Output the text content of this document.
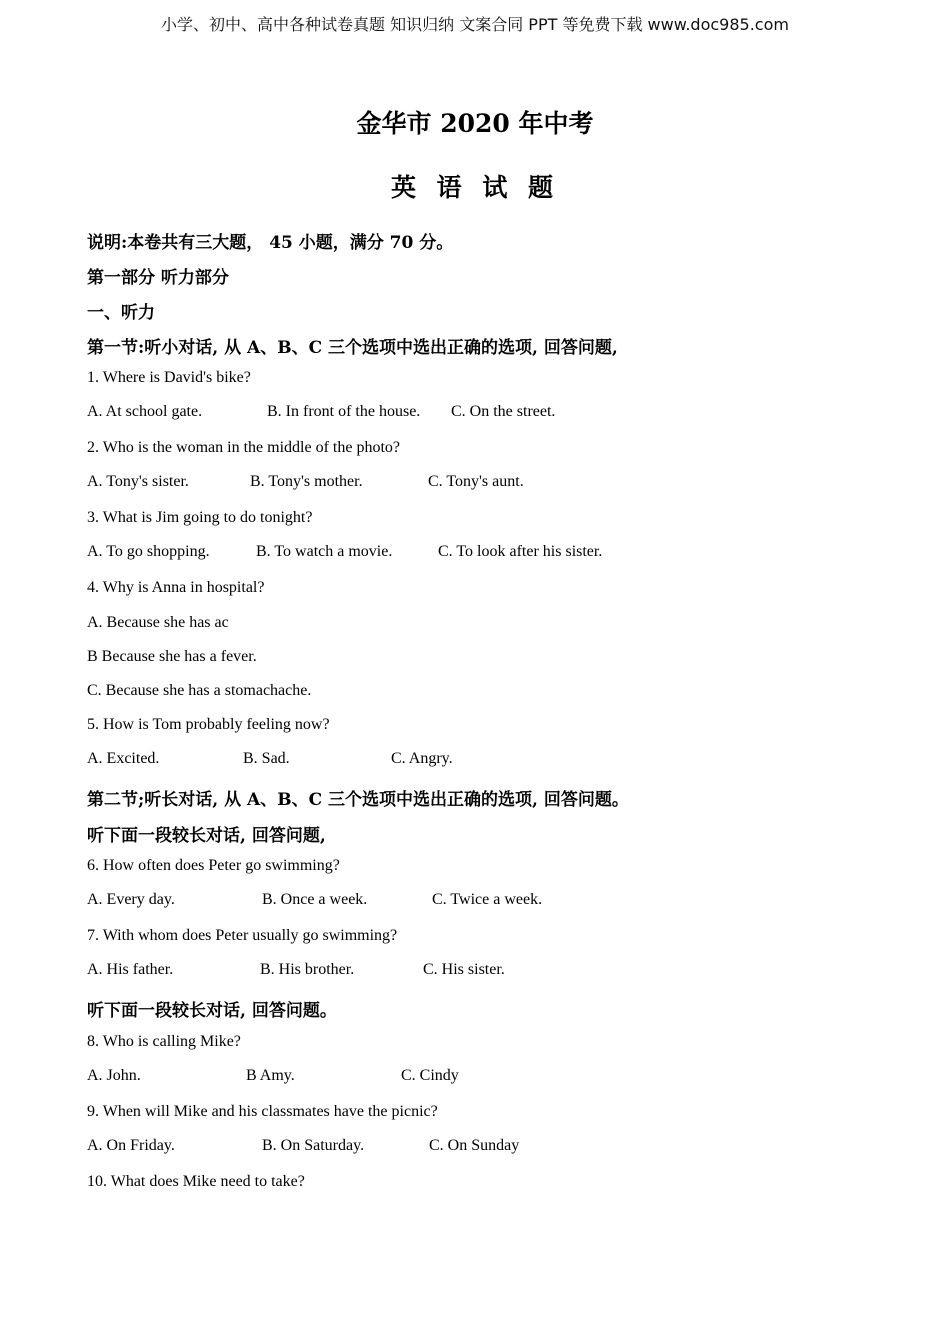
小学、初中、高中各种试卷真题 知识归纳 文案合同 PPT 等免费下载 www.doc985.com
金华市 2020 年中考
英 语 试 题
说明:本卷共有三大题， 45 小题，满分 70 分。
第一部分 听力部分
一、听力
第一节:听小对话, 从 A、B、C 三个选项中选出正确的选项, 回答问题,
1. Where is David's bike?
A. At school gate.	B. In front of the house. C. On the street.
2. Who is the woman in the middle of the photo?
A. Tony's sister.	B. Tony's mother.	C. Tony's aunt.
3. What is Jim going to do tonight?
A. To go shopping.	B. To watch a movie.	C. To look after his sister.
4. Why is Anna in hospital?
A. Because she has ac
B Because she has a fever.
C. Because she has a stomachache.
5. How is Tom probably feeling now?
A. Excited.	B. Sad.	C. Angry.
第二节;听长对话, 从 A、B、C 三个选项中选出正确的选项, 回答问题。
听下面一段较长对话, 回答问题,
6. How often does Peter go swimming?
A. Every day.	B. Once a week.	C. Twice a week.
7. With whom does Peter usually go swimming?
A. His father.	B. His brother.	C. His sister.
听下面一段较长对话, 回答问题。
8. Who is calling Mike?
A. John.	B Amy.	C. Cindy
9. When will Mike and his classmates have the picnic?
A. On Friday.	B. On Saturday.	C. On Sunday
10. What does Mike need to take?
